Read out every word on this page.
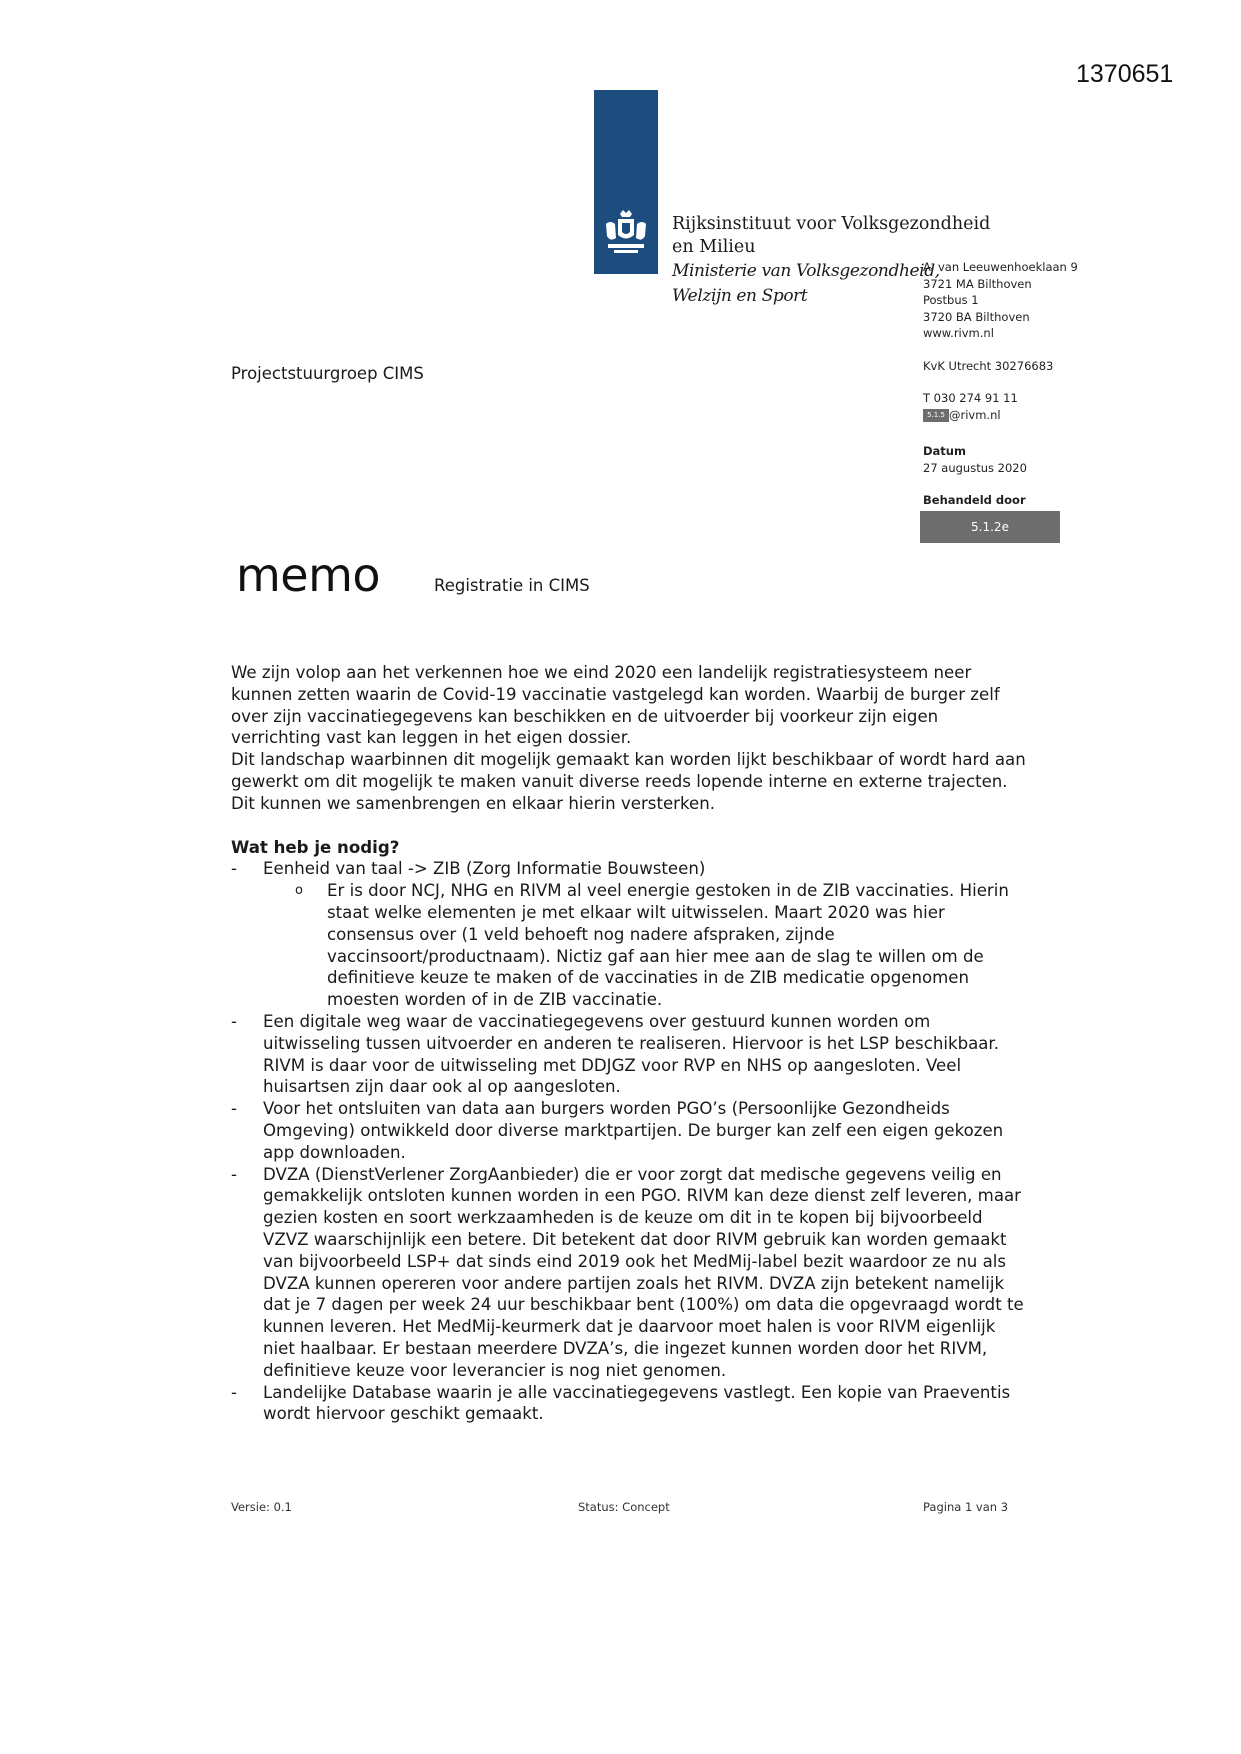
1370651
Rijksinstituut voor Volksgezondheid
en Milieu
Ministerie van Volksgezondheid,
Welzijn en Sport
A. van Leeuwenhoeklaan 9
3721 MA Bilthoven
Postbus 1
3720 BA Bilthoven
www.rivm.nl
KvK Utrecht 30276683
T 030 274 91 11
5.1.5 @rivm.nl
Datum
27 augustus 2020
Behandeld door
5.1.2e
Projectstuurgroep CIMS
memo	Registratie in CIMS

We zijn volop aan het verkennen hoe we eind 2020 een landelijk registratiesysteem neer kunnen zetten waarin de Covid-19 vaccinatie vastgelegd kan worden. Waarbij de burger zelf over zijn vaccinatiegegevens kan beschikken en de uitvoerder bij voorkeur zijn eigen verrichting vast kan leggen in het eigen dossier.

Dit landschap waarbinnen dit mogelijk gemaakt kan worden lijkt beschikbaar of wordt hard aan gewerkt om dit mogelijk te maken vanuit diverse reeds lopende interne en externe trajecten. Dit kunnen we samenbrengen en elkaar hierin versterken.

Wat heb je nodig?
- Eenheid van taal -> ZIB (Zorg Informatie Bouwsteen)
o Er is door NCJ, NHG en RIVM al veel energie gestoken in de ZIB vaccinaties. Hierin staat welke elementen je met elkaar wilt uitwisselen. Maart 2020 was hier consensus over (1 veld behoeft nog nadere afspraken, zijnde vaccinsoort/productnaam). Nictiz gaf aan hier mee aan de slag te willen om de definitieve keuze te maken of de vaccinaties in de ZIB medicatie opgenomen moesten worden of in de ZIB vaccinatie.
- Een digitale weg waar de vaccinatiegegevens over gestuurd kunnen worden om uitwisseling tussen uitvoerder en anderen te realiseren. Hiervoor is het LSP beschikbaar. RIVM is daar voor de uitwisseling met DDJGZ voor RVP en NHS op aangesloten. Veel huisartsen zijn daar ook al op aangesloten.
- Voor het ontsluiten van data aan burgers worden PGO’s (Persoonlijke Gezondheids Omgeving) ontwikkeld door diverse marktpartijen. De burger kan zelf een eigen gekozen app downloaden.
- DVZA (DienstVerlener ZorgAanbieder) die er voor zorgt dat medische gegevens veilig en gemakkelijk ontsloten kunnen worden in een PGO. RIVM kan deze dienst zelf leveren, maar gezien kosten en soort werkzaamheden is de keuze om dit in te kopen bij bijvoorbeeld VZVZ waarschijnlijk een betere. Dit betekent dat door RIVM gebruik kan worden gemaakt van bijvoorbeeld LSP+ dat sinds eind 2019 ook het MedMij-label bezit waardoor ze nu als DVZA kunnen opereren voor andere partijen zoals het RIVM. DVZA zijn betekent namelijk dat je 7 dagen per week 24 uur beschikbaar bent (100%) om data die opgevraagd wordt te kunnen leveren. Het MedMij-keurmerk dat je daarvoor moet halen is voor RIVM eigenlijk niet haalbaar. Er bestaan meerdere DVZA’s, die ingezet kunnen worden door het RIVM, definitieve keuze voor leverancier is nog niet genomen.
- Landelijke Database waarin je alle vaccinatiegegevens vastlegt. Een kopie van Praeventis wordt hiervoor geschikt gemaakt.
Versie: 0.1	Status: Concept	Pagina 1 van 3
